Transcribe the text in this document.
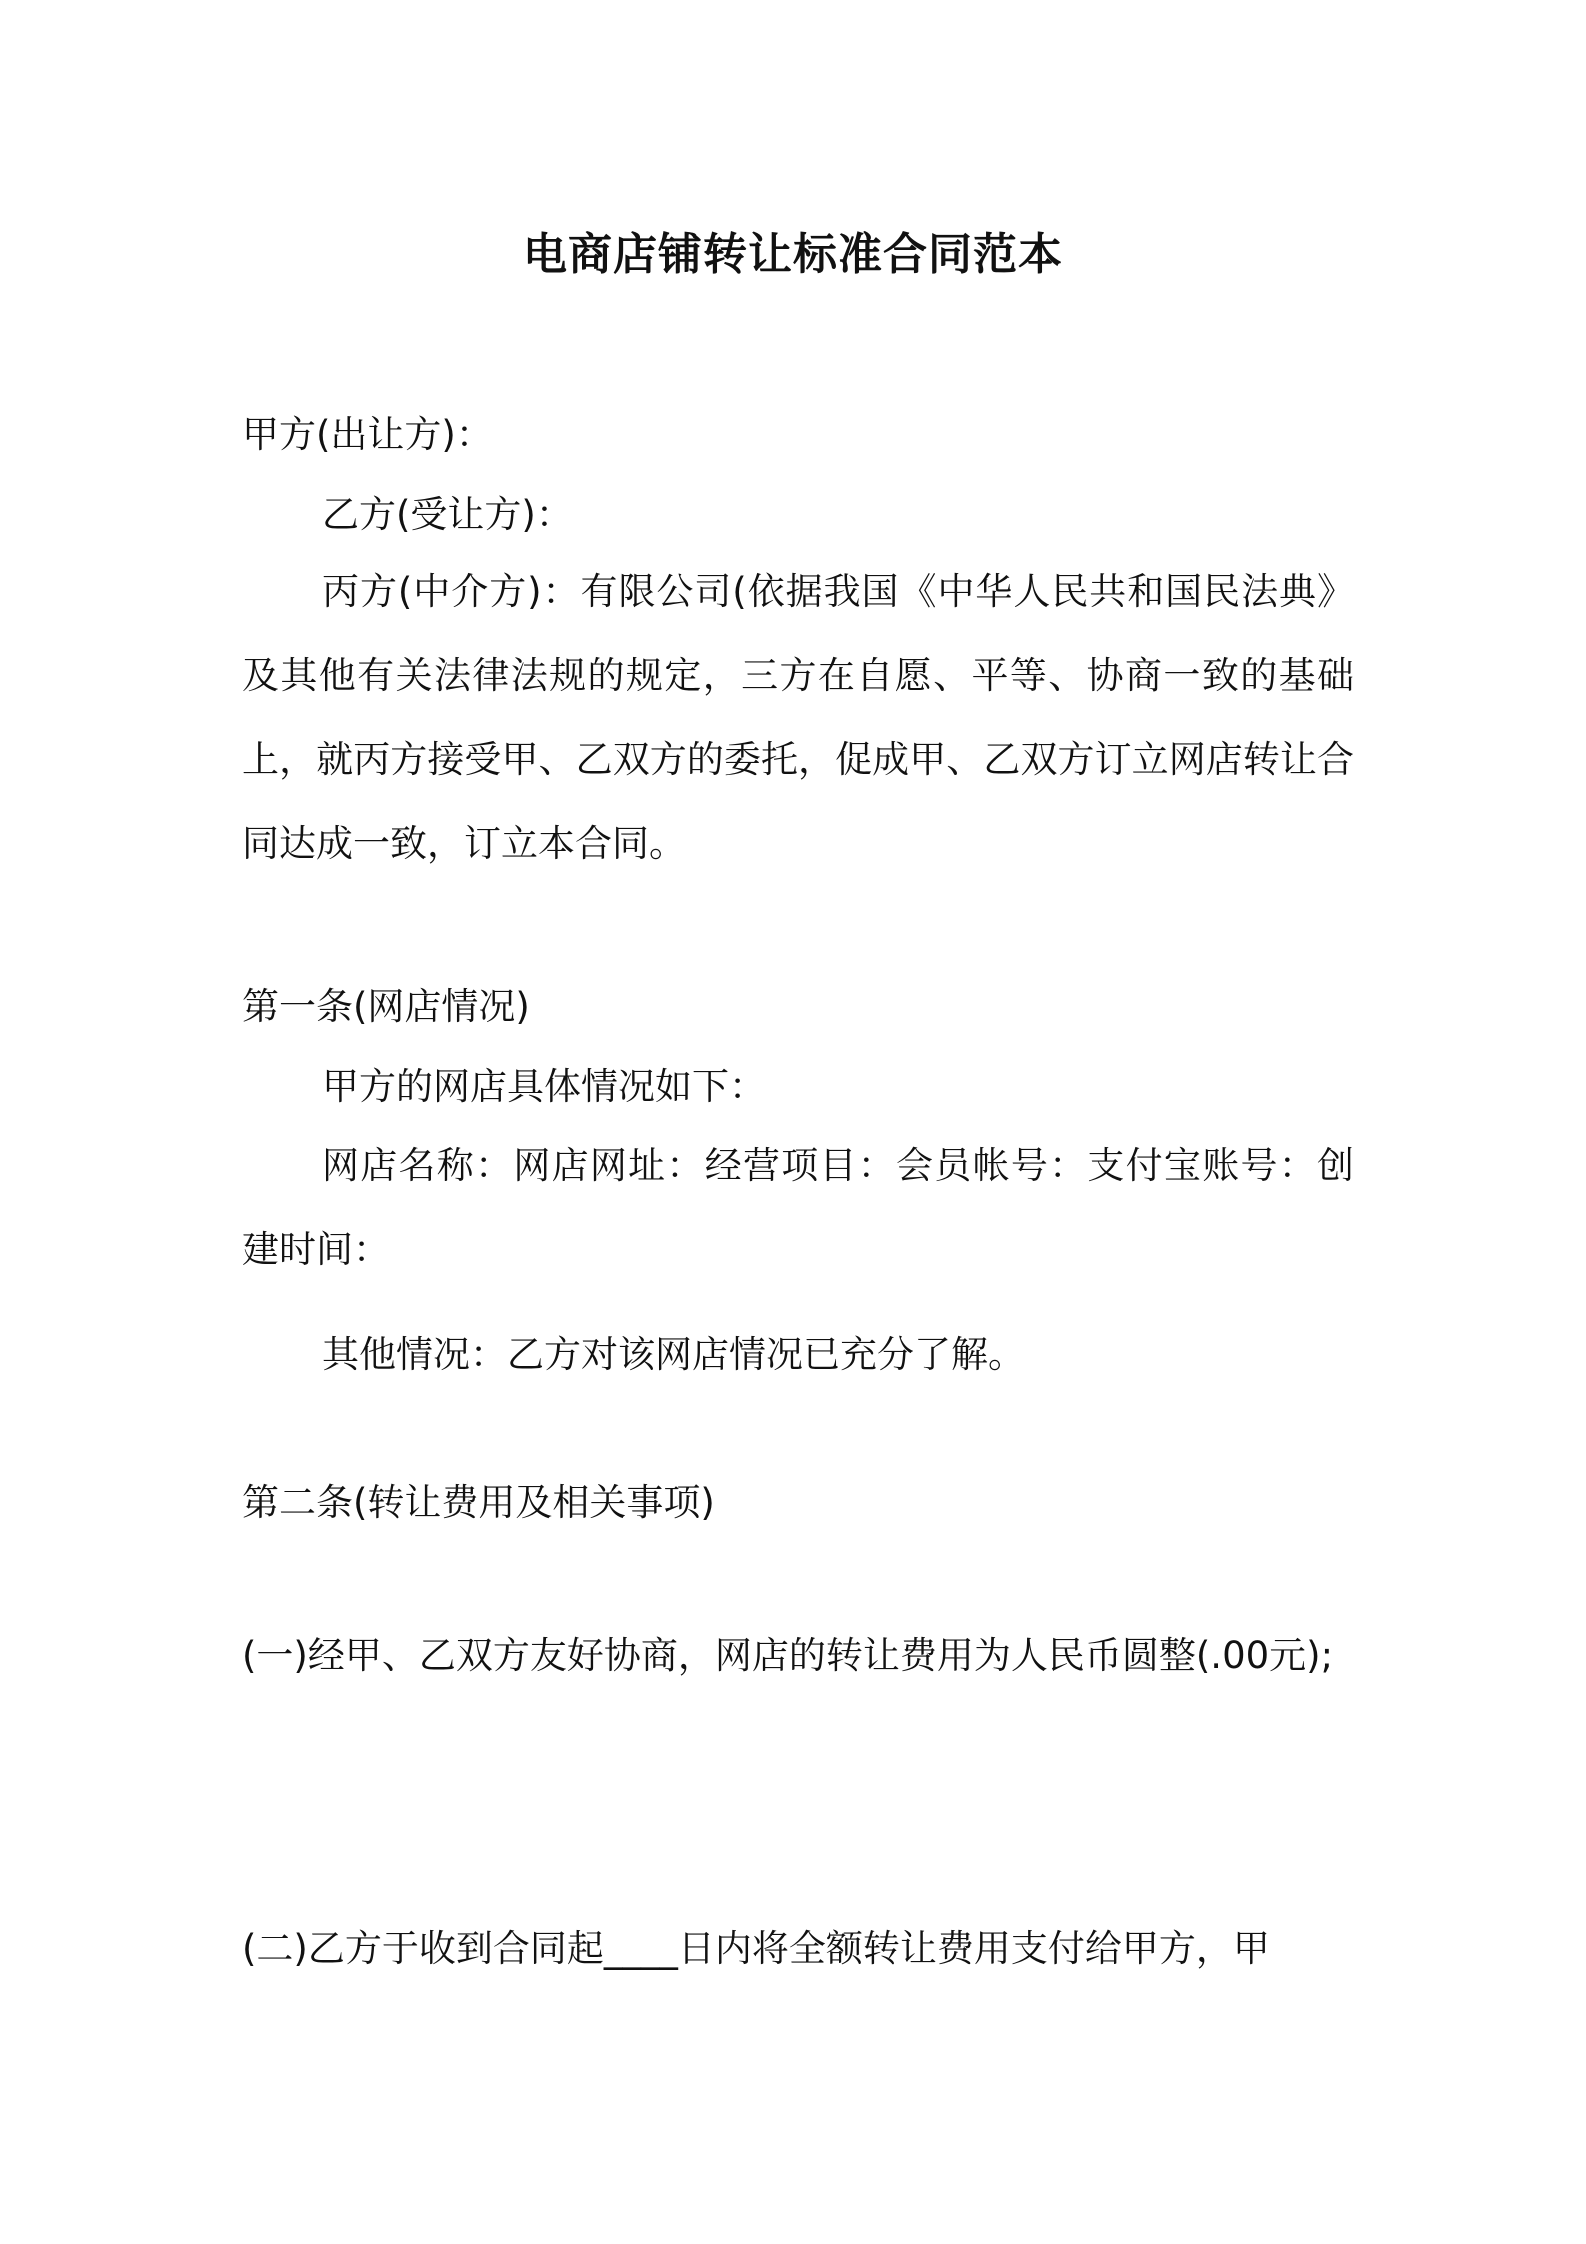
电商店铺转让标准合同范本

甲方(出让方)：

乙方(受让方)：

丙方(中介方)：有限公司(依据我国《中华人民共和国民法典》及其他有关法律法规的规定，三方在自愿、平等、协商一致的基础上，就丙方接受甲、乙双方的委托，促成甲、乙双方订立网店转让合同达成一致，订立本合同。

第一条(网店情况)

甲方的网店具体情况如下：

网店名称：网店网址：经营项目：会员帐号：支付宝账号：创建时间：

其他情况：乙方对该网店情况已充分了解。

第二条(转让费用及相关事项)

(一)经甲、乙双方友好协商，网店的转让费用为人民币圆整(.00元);

(二)乙方于收到合同起____日内将全额转让费用支付给甲方，甲
